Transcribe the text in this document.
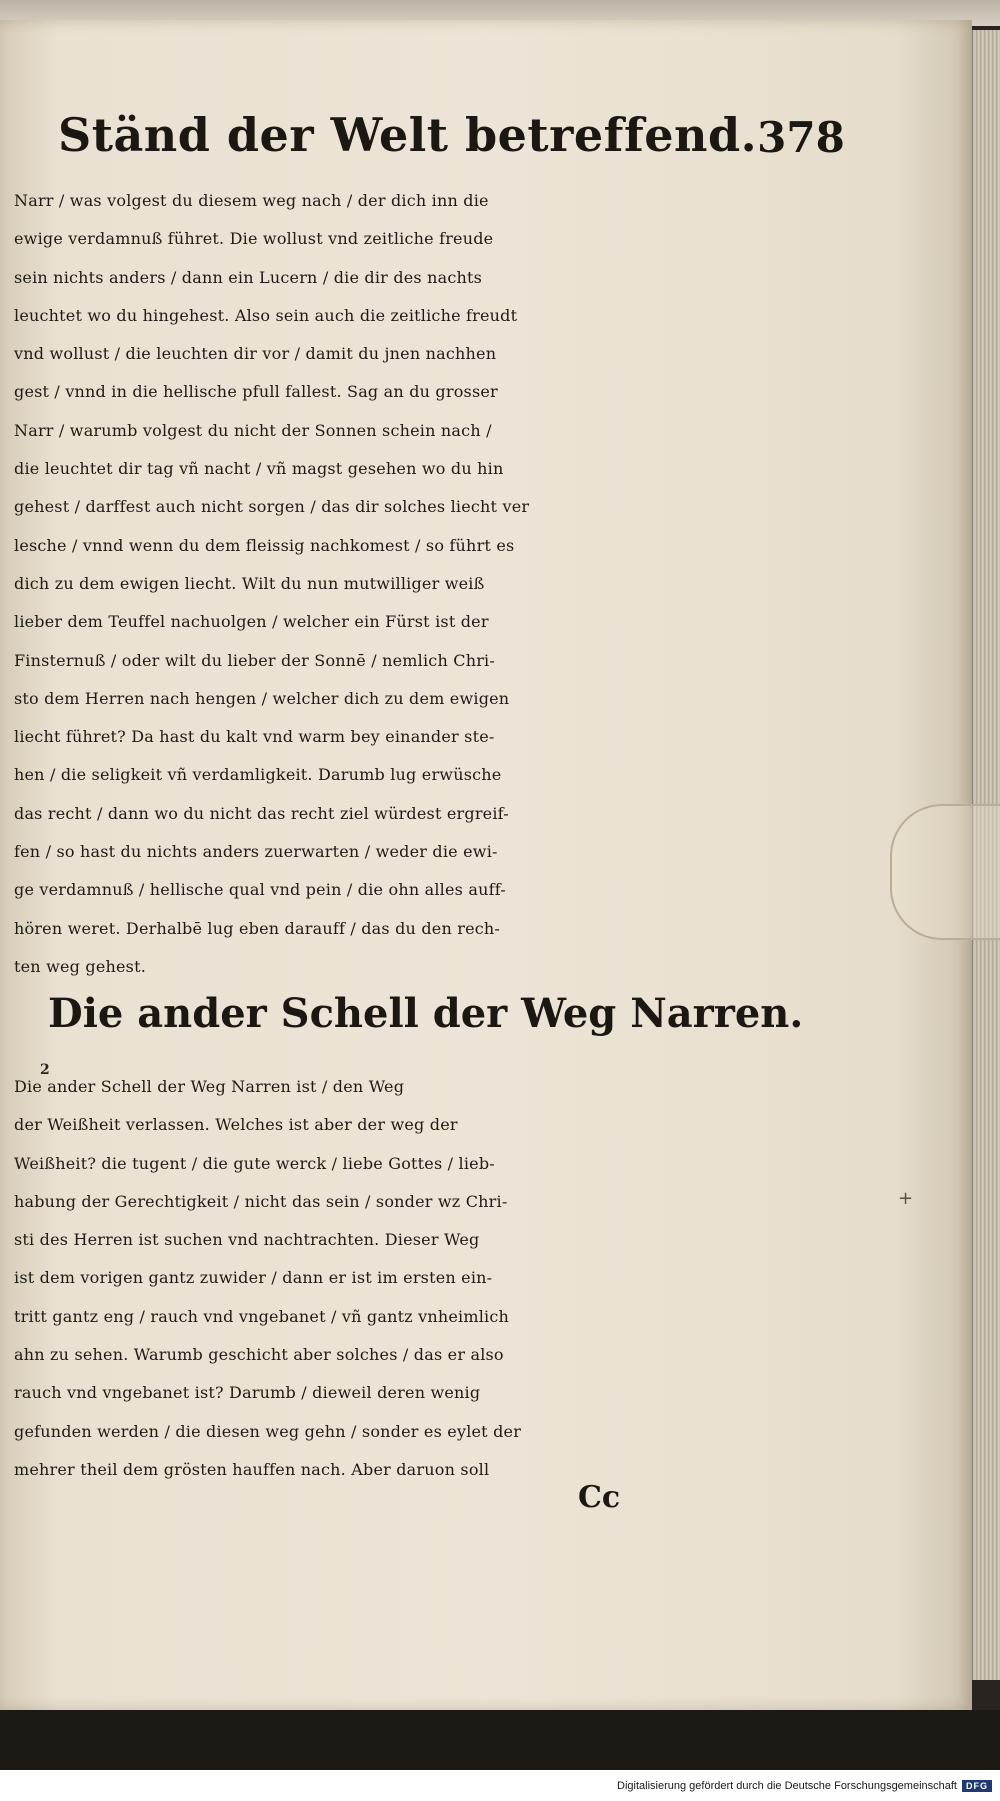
Ständ der Welt betreffend. 378
Narr / was volgest du diesem weg nach / der dich inn die
ewige verdamnuß führet. Die wollust vnd zeitliche freude
sein nichts anders / dann ein Lucern / die dir des nachts
leuchtet wo du hingehest. Also sein auch die zeitliche freudt
vnd wollust / die leuchten dir vor / damit du jnen nachhen
gest / vnnd in die hellische pfull fallest. Sag an du grosser
Narr / warumb volgest du nicht der Sonnen schein nach /
die leuchtet dir tag vñ nacht / vñ magst gesehen wo du hin
gehest / darffest auch nicht sorgen / das dir solches liecht ver
lesche / vnnd wenn du dem fleissig nachkomest / so führt es
dich zu dem ewigen liecht. Wilt du nun mutwilliger weiß
lieber dem Teuffel nachuolgen / welcher ein Fürst ist der
Finsternuß / oder wilt du lieber der Sonnē / nemlich Chri-
sto dem Herren nach hengen / welcher dich zu dem ewigen
liecht führet? Da hast du kalt vnd warm bey einander ste-
hen / die seligkeit vñ verdamligkeit. Darumb lug erwüsche
das recht / dann wo du nicht das recht ziel würdest ergreif-
fen / so hast du nichts anders zuerwarten / weder die ewi-
ge verdamnuß / hellische qual vnd pein / die ohn alles auff-
hören weret. Derhalbē lug eben darauff / das du den rech-
ten weg gehest.
Die ander Schell der Weg Narren.
2
Die ander Schell der Weg Narren ist / den Weg
der Weißheit verlassen. Welches ist aber der weg der
Weißheit? die tugent / die gute werck / liebe Gottes / lieb-
habung der Gerechtigkeit / nicht das sein / sonder wz Chri-
sti des Herren ist suchen vnd nachtrachten. Dieser Weg
ist dem vorigen gantz zuwider / dann er ist im ersten ein-
tritt gantz eng / rauch vnd vngebanet / vñ gantz vnheimlich
ahn zu sehen. Warumb geschicht aber solches / das er also
rauch vnd vngebanet ist? Darumb / dieweil deren wenig
gefunden werden / die diesen weg gehn / sonder es eylet der
mehrer theil dem grösten hauffen nach. Aber daruon soll
Cc
+
Digitalisierung gefördert durch die Deutsche Forschungsgemeinschaft	DFG
